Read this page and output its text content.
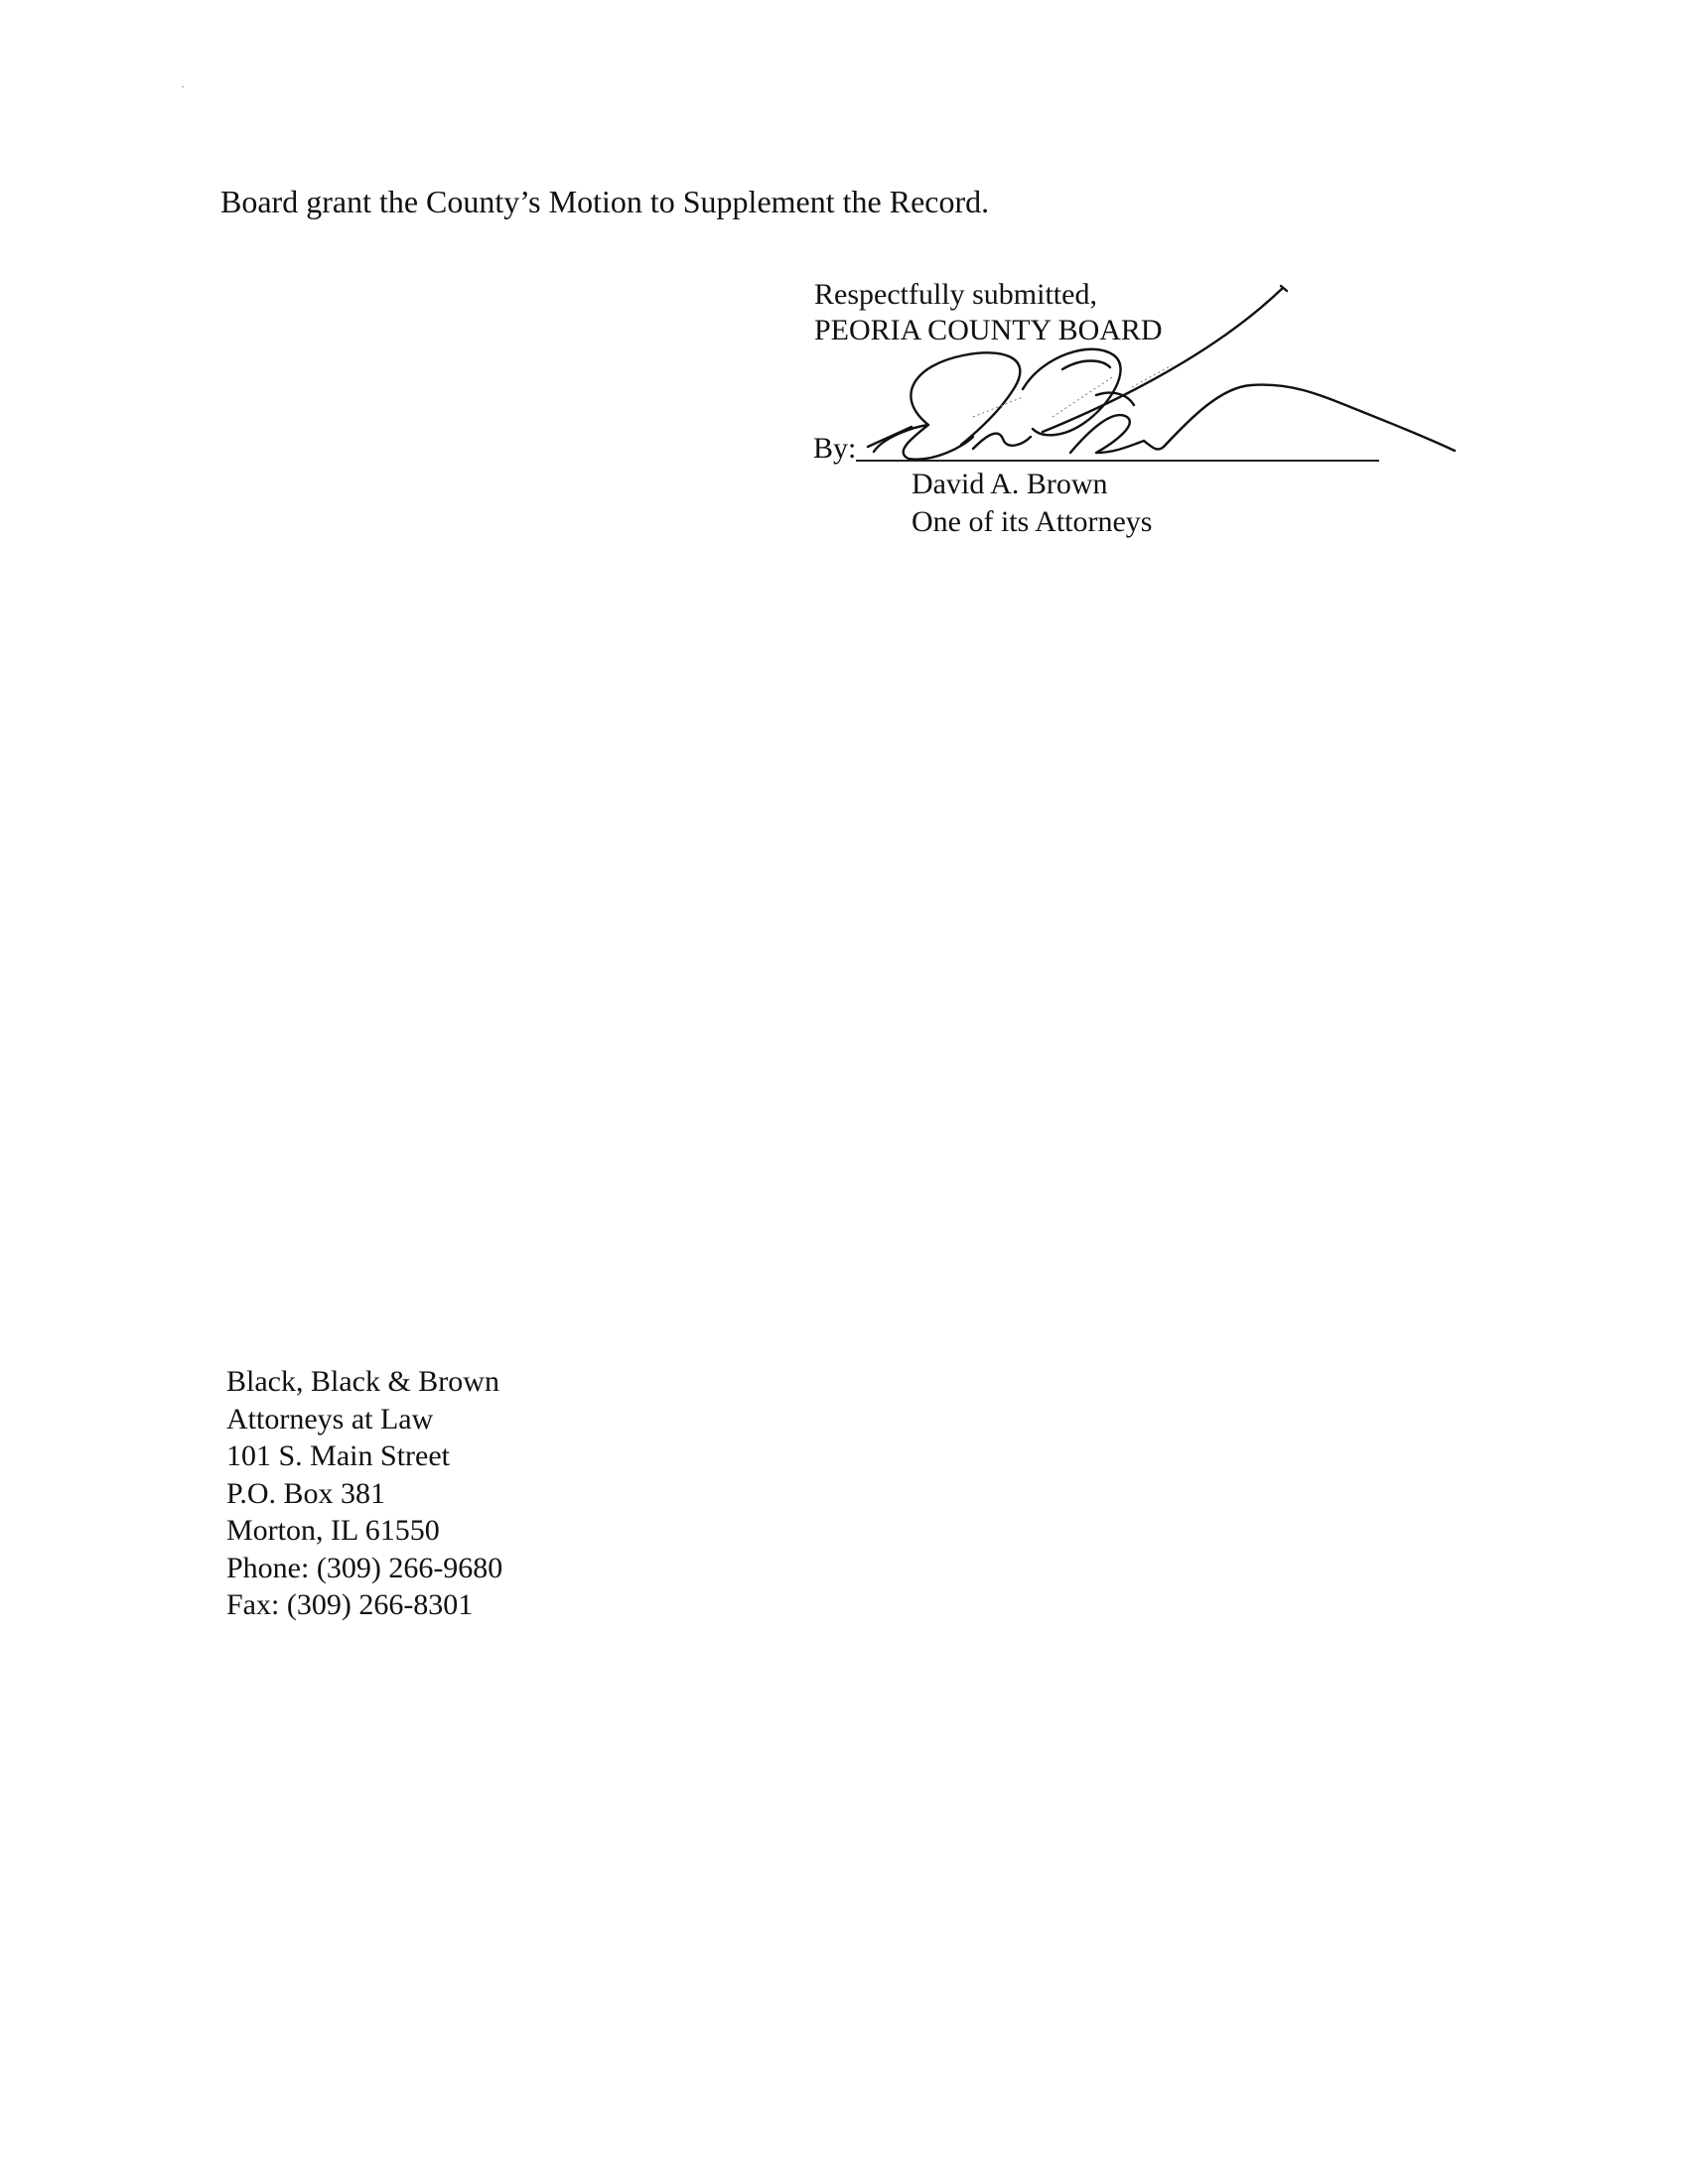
Board grant the County’s Motion to Supplement the Record.
Respectfully submitted,
PEORIA COUNTY BOARD
By:
David A. Brown
One of its Attorneys
Black, Black & Brown
Attorneys at Law
101 S. Main Street
P.O. Box 381
Morton, IL 61550
Phone: (309) 266-9680
Fax: (309) 266-8301
